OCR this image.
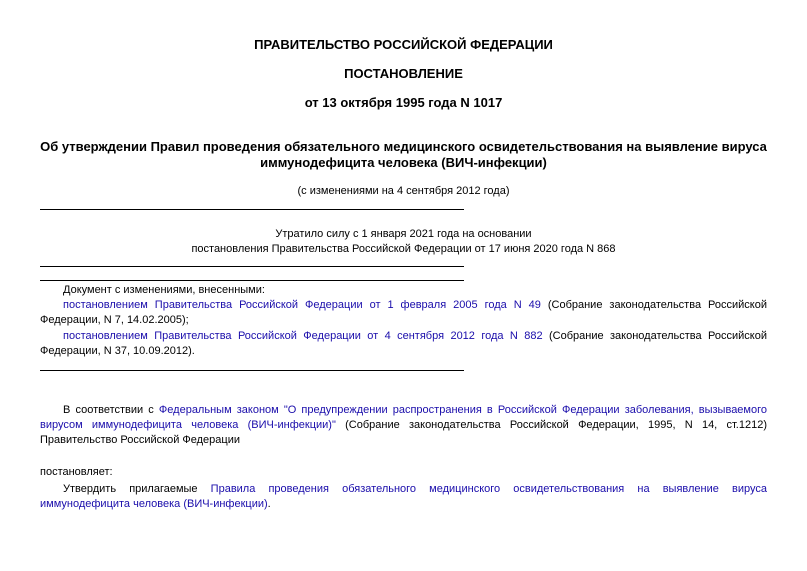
ПРАВИТЕЛЬСТВО РОССИЙСКОЙ ФЕДЕРАЦИИ
ПОСТАНОВЛЕНИЕ
от 13 октября 1995 года N 1017
Об утверждении Правил проведения обязательного медицинского освидетельствования на выявление вируса иммунодефицита человека (ВИЧ-инфекции)
(с изменениями на 4 сентября 2012 года)
Утратило силу с 1 января 2021 года на основании
постановления Правительства Российской Федерации от 17 июня 2020 года N 868
Документ с изменениями, внесенными:
постановлением Правительства Российской Федерации от 1 февраля 2005 года N 49 (Собрание законодательства Российской Федерации, N 7, 14.02.2005);
постановлением Правительства Российской Федерации от 4 сентября 2012 года N 882 (Собрание законодательства Российской Федерации, N 37, 10.09.2012).
В соответствии с Федеральным законом "О предупреждении распространения в Российской Федерации заболевания, вызываемого вирусом иммунодефицита человека (ВИЧ-инфекции)" (Собрание законодательства Российской Федерации, 1995, N 14, ст.1212) Правительство Российской Федерации
постановляет:
Утвердить прилагаемые Правила проведения обязательного медицинского освидетельствования на выявление вируса иммунодефицита человека (ВИЧ-инфекции).
